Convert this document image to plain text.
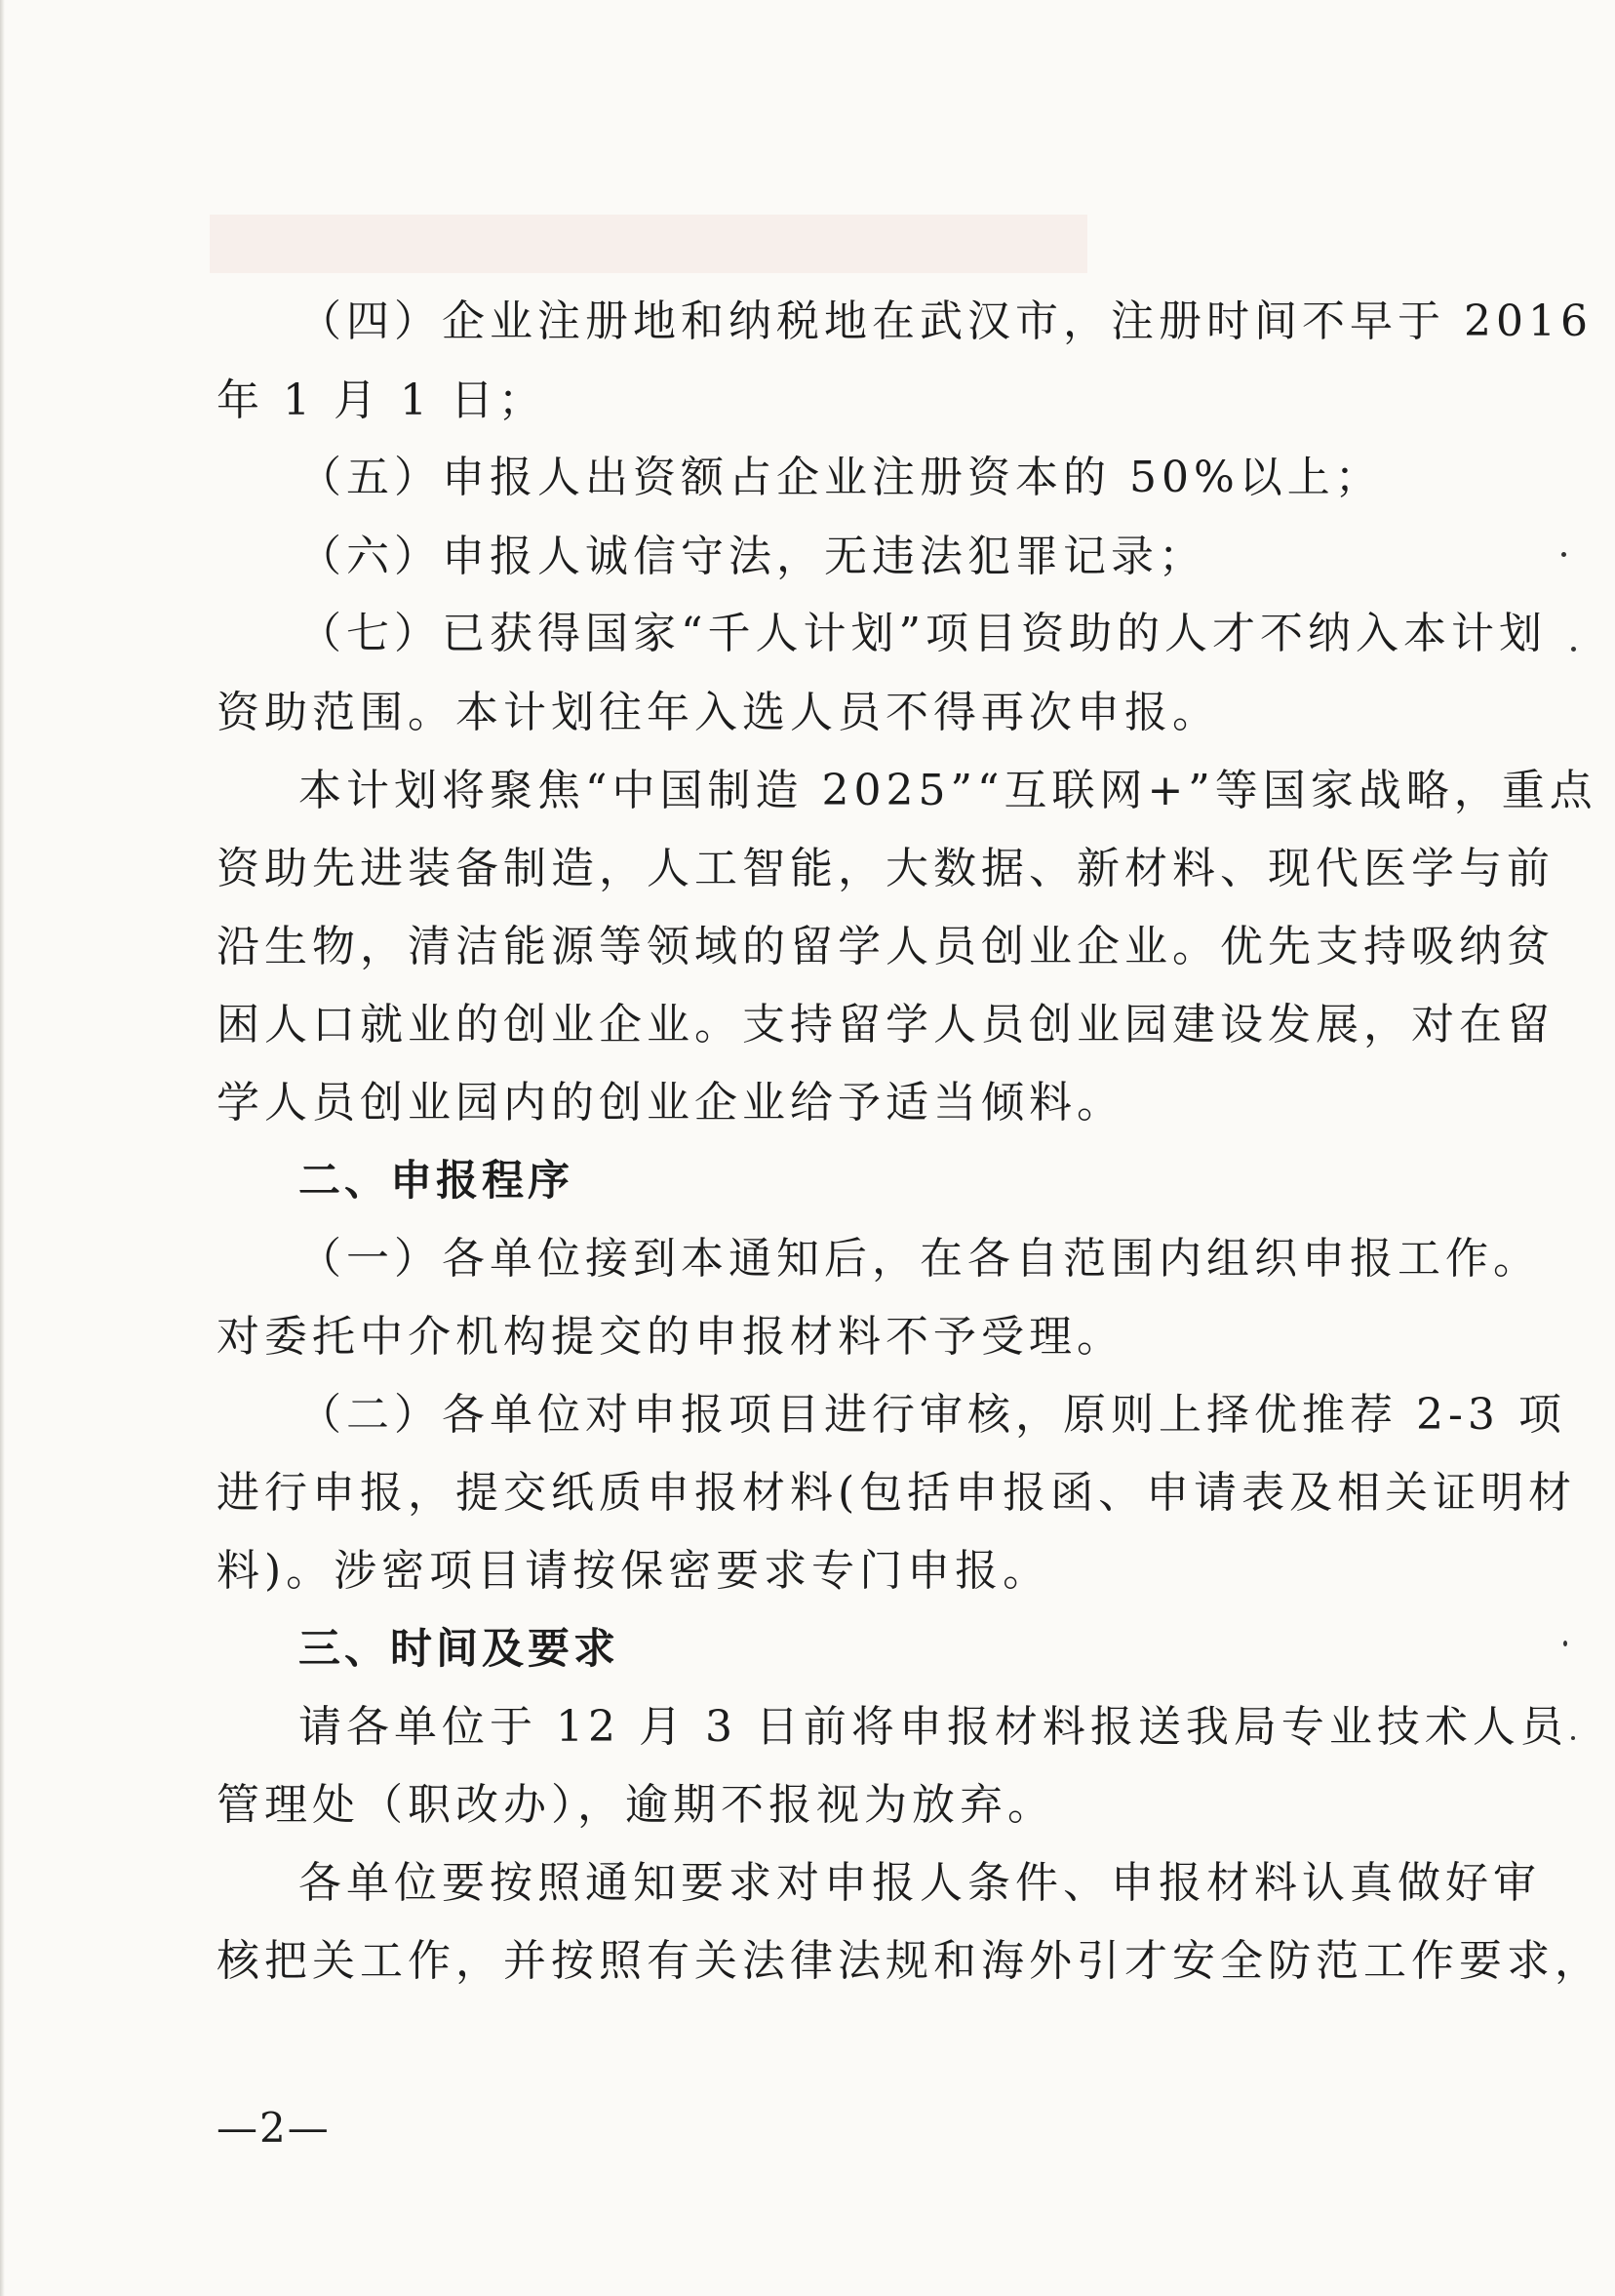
（四）企业注册地和纳税地在武汉市，注册时间不早于 2016
年 1 月 1 日；
（五）申报人出资额占企业注册资本的 50%以上；
（六）申报人诚信守法，无违法犯罪记录；
（七）已获得国家“千人计划”项目资助的人才不纳入本计划
资助范围。本计划往年入选人员不得再次申报。
本计划将聚焦“中国制造 2025”“互联网+”等国家战略，重点
资助先进装备制造，人工智能，大数据、新材料、现代医学与前
沿生物，清洁能源等领域的留学人员创业企业。优先支持吸纳贫
困人口就业的创业企业。支持留学人员创业园建设发展，对在留
学人员创业园内的创业企业给予适当倾料。
二、申报程序
（一）各单位接到本通知后，在各自范围内组织申报工作。
对委托中介机构提交的申报材料不予受理。
（二）各单位对申报项目进行审核，原则上择优推荐 2-3 项
进行申报，提交纸质申报材料(包括申报函、申请表及相关证明材
料)。涉密项目请按保密要求专门申报。
三、时间及要求
请各单位于 12 月 3 日前将申报材料报送我局专业技术人员
管理处（职改办），逾期不报视为放弃。
各单位要按照通知要求对申报人条件、申报材料认真做好审
核把关工作，并按照有关法律法规和海外引才安全防范工作要求，
—2—
